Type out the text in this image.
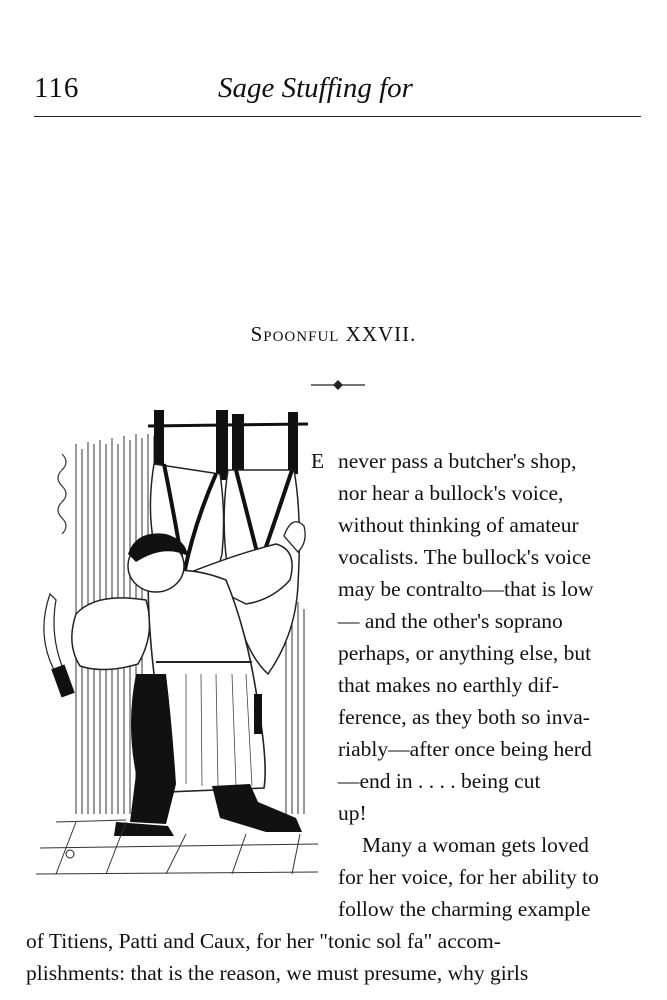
116	Sage Stuffing for
Spoonful XXVII.
E never pass a butcher's shop,
nor hear a bullock's voice,
without thinking of amateur
vocalists. The bullock's voice
may be contralto—that is low
— and the other's soprano
perhaps, or anything else, but
that makes no earthly dif-
ference, as they both so inva-
riably—after once being herd
—end in . . . . being cut
up!
Many a woman gets loved
for her voice, for her ability to
follow the charming example
of Titiens, Patti and Caux, for her "tonic sol fa" accom-
plishments: that is the reason, we must presume, why girls
